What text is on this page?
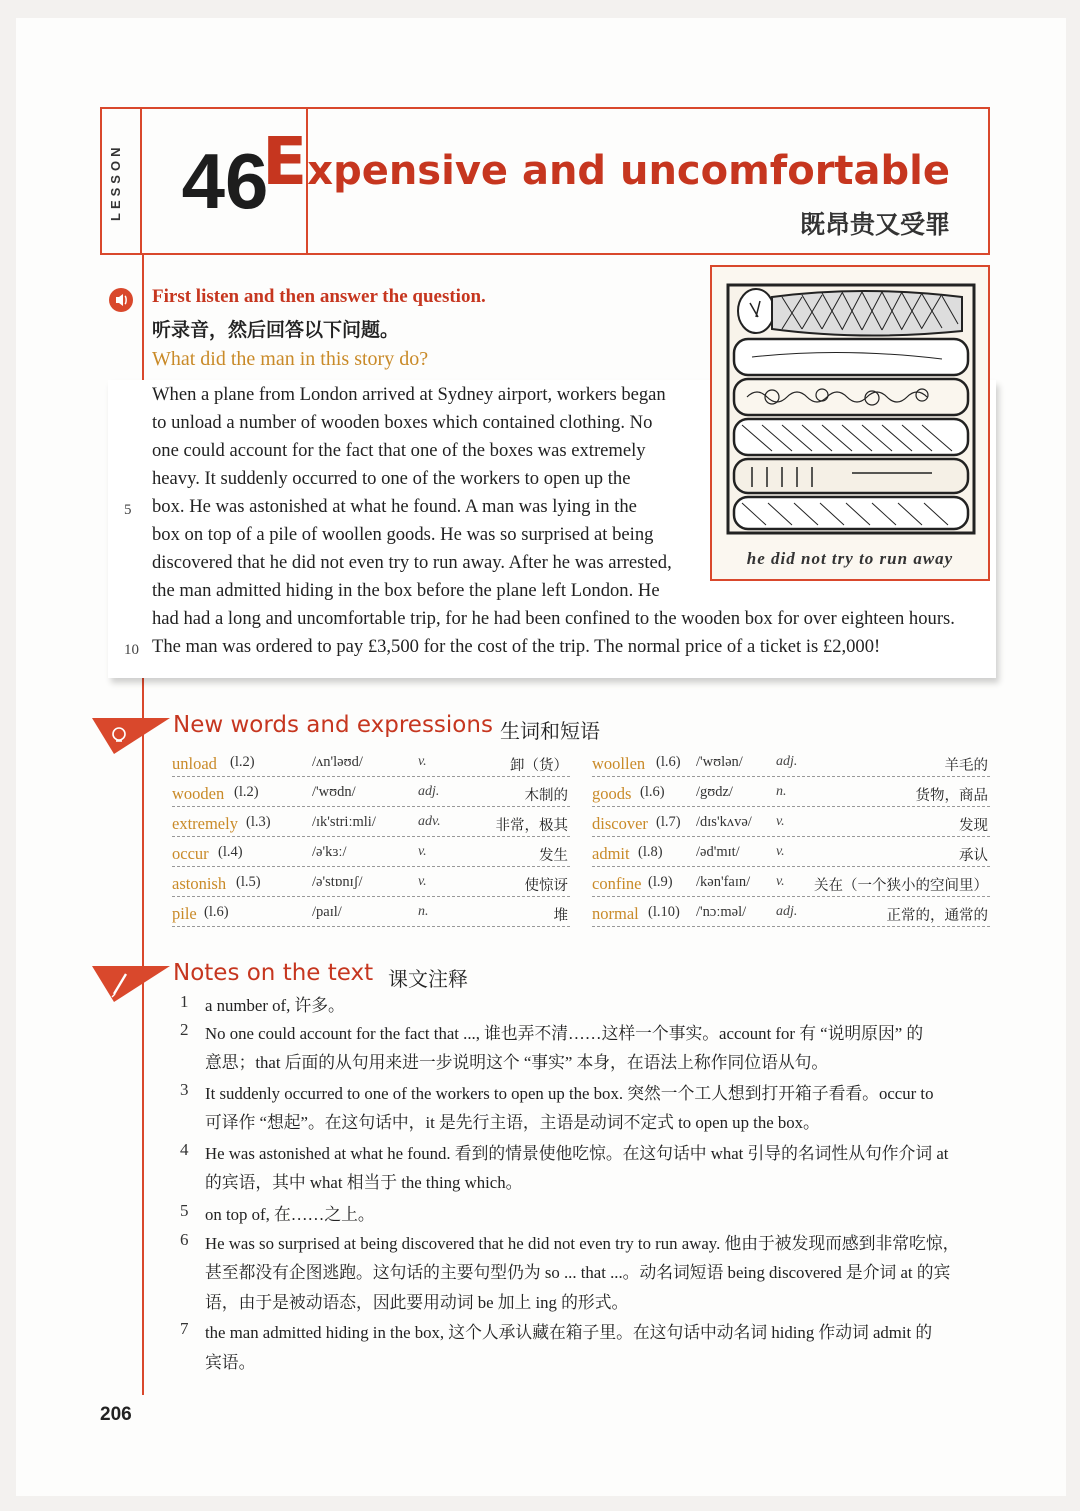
LESSON 46
Expensive and uncomfortable
既昂贵又受罪
First listen and then answer the question.
听录音，然后回答以下问题。
What did the man in this story do?
5
10
When a plane from London arrived at Sydney airport, workers began
to unload a number of wooden boxes which contained clothing. No
one could account for the fact that one of the boxes was extremely
heavy. It suddenly occurred to one of the workers to open up the
box. He was astonished at what he found. A man was lying in the
box on top of a pile of woollen goods. He was so surprised at being
discovered that he did not even try to run away. After he was arrested,
the man admitted hiding in the box before the plane left London. He
had had a long and uncomfortable trip, for he had been confined to the wooden box for over eighteen hours.
The man was ordered to pay £3,500 for the cost of the trip. The normal price of a ticket is £2,000!
he did not try to run away
New words and expressions 生词和短语
unload (l.2)	/ʌn'ləʊd/	v.	卸（货）
wooden (l.2)	/'wʊdn/	adj.	木制的
extremely (l.3)	/ɪk'striːmli/	adv.	非常，极其
occur (l.4)	/ə'kɜː/	v.	发生
astonish (l.5)	/ə'stɒnɪʃ/	v.	使惊讶
pile (l.6)	/paɪl/	n.	堆
woollen (l.6) /'wʊlən/ adj.	羊毛的
goods (l.6) /gʊdz/	n.	货物，商品
discover (l.7) /dɪs'kʌvə/ v.	发现
admit (l.8) /əd'mɪt/	v.	承认
confine (l.9) /kən'faɪn/ v. 关在（一个狭小的空间里）
normal (l.10) /'nɔːməl/ adj.	正常的，通常的
Notes on the text 课文注释
1 a number of, 许多。
2 No one could account for the fact that ..., 谁也弄不清……这样一个事实。account for 有 “说明原因” 的
意思；that 后面的从句用来进一步说明这个 “事实” 本身，在语法上称作同位语从句。
3 It suddenly occurred to one of the workers to open up the box. 突然一个工人想到打开箱子看看。occur to
可译作 “想起”。在这句话中，it 是先行主语，主语是动词不定式 to open up the box。
4 He was astonished at what he found. 看到的情景使他吃惊。在这句话中 what 引导的名词性从句作介词 at
的宾语，其中 what 相当于 the thing which。
5 on top of, 在……之上。
6 He was so surprised at being discovered that he did not even try to run away. 他由于被发现而感到非常吃惊，
甚至都没有企图逃跑。这句话的主要句型仍为 so ... that ...。动名词短语 being discovered 是介词 at 的宾
语，由于是被动语态，因此要用动词 be 加上 ing 的形式。
7 the man admitted hiding in the box, 这个人承认藏在箱子里。在这句话中动名词 hiding 作动词 admit 的
宾语。
206
